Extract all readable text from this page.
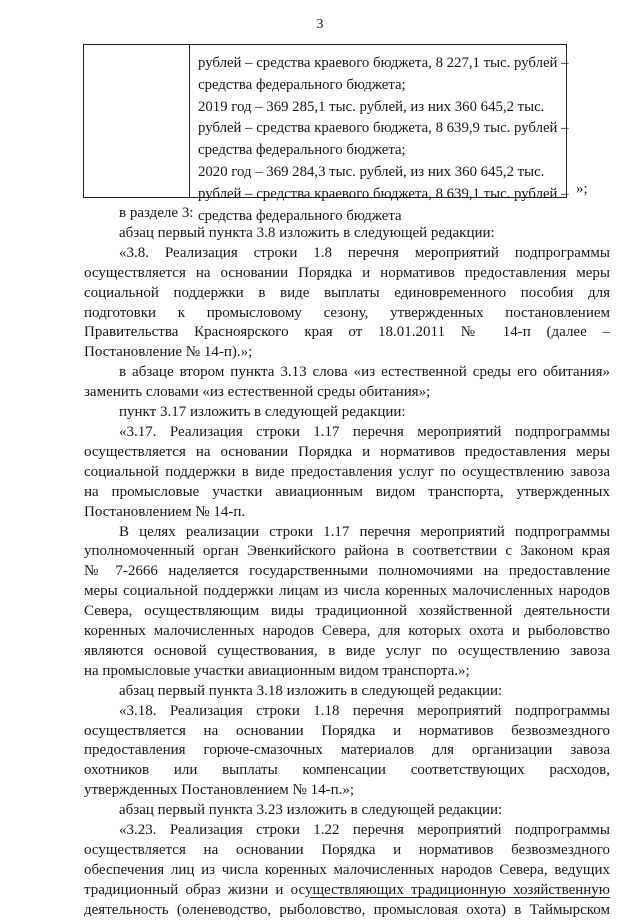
3
рублей – средства краевого бюджета, 8 227,1 тыс. рублей –
средства федерального бюджета;
2019 год – 369 285,1 тыс. рублей, из них 360 645,2 тыс.
рублей – средства краевого бюджета, 8 639,9 тыс. рублей –
средства федерального бюджета;
2020 год – 369 284,3 тыс. рублей, из них 360 645,2 тыс.
рублей – средства краевого бюджета, 8 639,1 тыс. рублей –
средства федерального бюджета
»;

в разделе 3:

абзац первый пункта 3.8 изложить в следующей редакции:

«3.8. Реализация строки 1.8 перечня мероприятий подпрограммы

осуществляется на основании Порядка и нормативов предоставления меры

социальной поддержки в виде выплаты единовременного пособия для

подготовки к промысловому сезону, утвержденных постановлением

Правительства Красноярского края от 18.01.2011 № 14-п (далее –

Постановление № 14-п).»;

в абзаце втором пункта 3.13 слова «из естественной среды его обитания»

заменить словами «из естественной среды обитания»;

пункт 3.17 изложить в следующей редакции:

«3.17. Реализация строки 1.17 перечня мероприятий подпрограммы

осуществляется на основании Порядка и нормативов предоставления меры

социальной поддержки в виде предоставления услуг по осуществлению завоза

на промысловые участки авиационным видом транспорта, утвержденных

Постановлением № 14-п.

В целях реализации строки 1.17 перечня мероприятий подпрограммы

уполномоченный орган Эвенкийского района в соответствии с Законом края

№ 7-2666 наделяется государственными полномочиями на предоставление

меры социальной поддержки лицам из числа коренных малочисленных народов

Севера, осуществляющим виды традиционной хозяйственной деятельности

коренных малочисленных народов Севера, для которых охота и рыболовство

являются основой существования, в виде услуг по осуществлению завоза

на промысловые участки авиационным видом транспорта.»;

абзац первый пункта 3.18 изложить в следующей редакции:

«3.18. Реализация строки 1.18 перечня мероприятий подпрограммы

осуществляется на основании Порядка и нормативов безвозмездного

предоставления горюче-смазочных материалов для организации завоза

охотников или выплаты компенсации соответствующих расходов,

утвержденных Постановлением № 14-п.»;

абзац первый пункта 3.23 изложить в следующей редакции:

«3.23. Реализация строки 1.22 перечня мероприятий подпрограммы

осуществляется на основании Порядка и нормативов безвозмездного

обеспечения лиц из числа коренных малочисленных народов Севера, ведущих

традиционный образ жизни и осуществляющих традиционную хозяйственную

деятельность (оленеводство, рыболовство, промысловая охота) в Таймырском
